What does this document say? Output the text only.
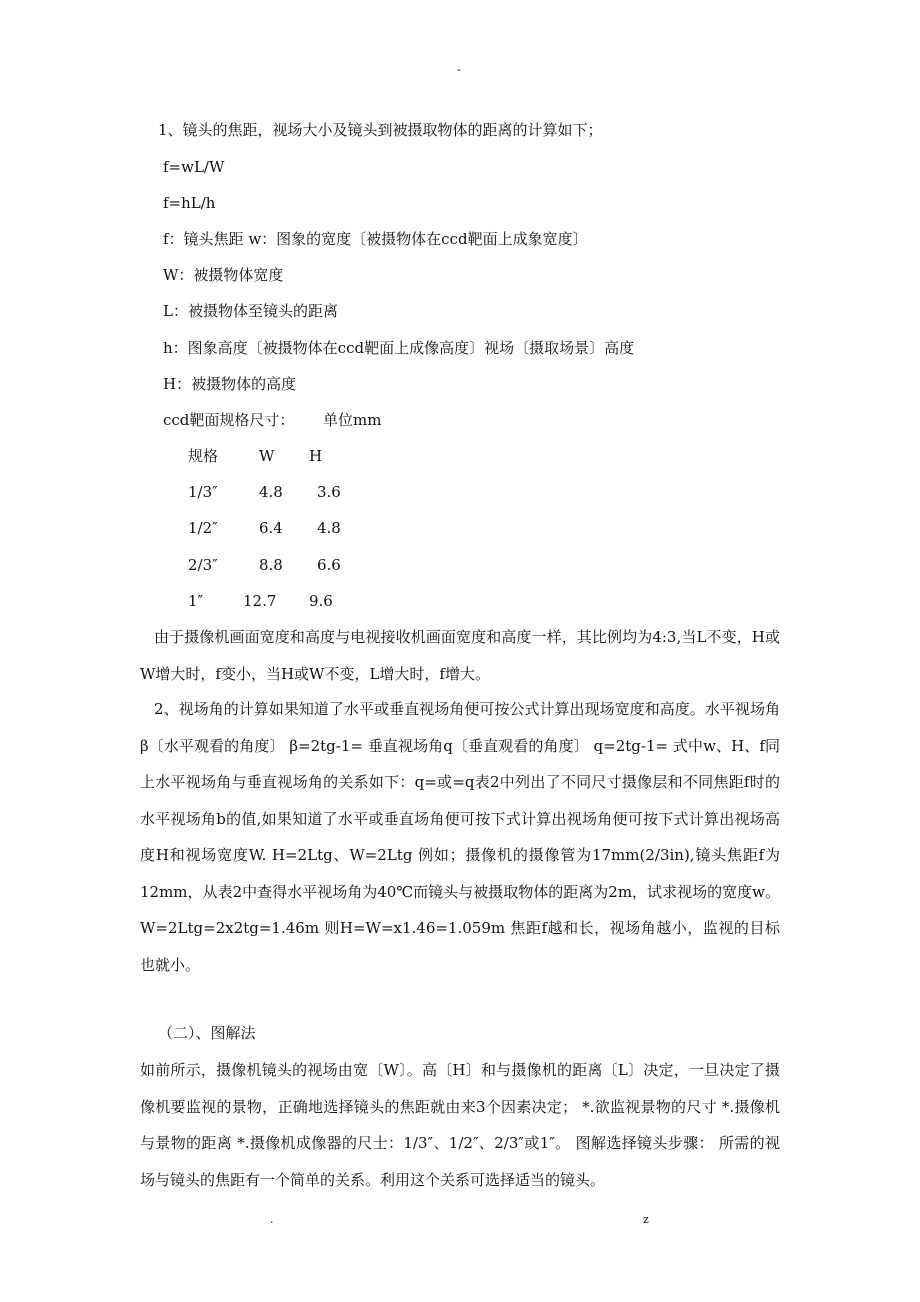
-
1、镜头的焦距，视场大小及镜头到被摄取物体的距离的计算如下；
f=wL/W
f=hL/h
f：镜头焦距 w：图象的宽度〔被摄物体在ccd靶面上成象宽度〕
W：被摄物体宽度
L：被摄物体至镜头的距离
h：图象高度〔被摄物体在ccd靶面上成像高度〕视场〔摄取场景〕高度
H：被摄物体的高度
ccd靶面规格尺寸： 单位mm
规格	W H
1/3″	4.8 3.6
1/2″	6.4 4.8
2/3″	8.8 6.6
1″	12.7 9.6
由于摄像机画面宽度和高度与电视接收机画面宽度和高度一样，其比例均为4:3,当L不变，H或W增大时，f变小，当H或W不变，L增大时，f增大。
2、视场角的计算如果知道了水平或垂直视场角便可按公式计算出现场宽度和高度。水平视场角 β〔水平观看的角度〕 β=2tg-1= 垂直视场角q〔垂直观看的角度〕 q=2tg-1= 式中w、H、f同上水平视场角与垂直视场角的关系如下：q=或=q表2中列出了不同尺寸摄像层和不同焦距f时的水平视场角b的值,如果知道了水平或垂直场角便可按下式计算出视场角便可按下式计算出视场高度H和视场宽度W. H=2Ltg、W=2Ltg 例如；摄像机的摄像管为17mm(2/3in),镜头焦距f为12mm，从表2中查得水平视场角为40℃而镜头与被摄取物体的距离为2m，试求视场的宽度w。 W=2Ltg=2x2tg=1.46m 则H=W=x1.46=1.059m 焦距f越和长，视场角越小，监视的目标也就小。
（二）、图解法
如前所示，摄像机镜头的视场由宽〔W〕。高〔H〕和与摄像机的距离〔L〕决定，一旦决定了摄像机要监视的景物，正确地选择镜头的焦距就由来3个因素决定； *.欲监视景物的尺寸 *.摄像机与景物的距离 *.摄像机成像器的尺士：1/3″、1/2″、2/3″或1″。 图解选择镜头步骤： 所需的视场与镜头的焦距有一个简单的关系。利用这个关系可选择适当的镜头。
.	z
